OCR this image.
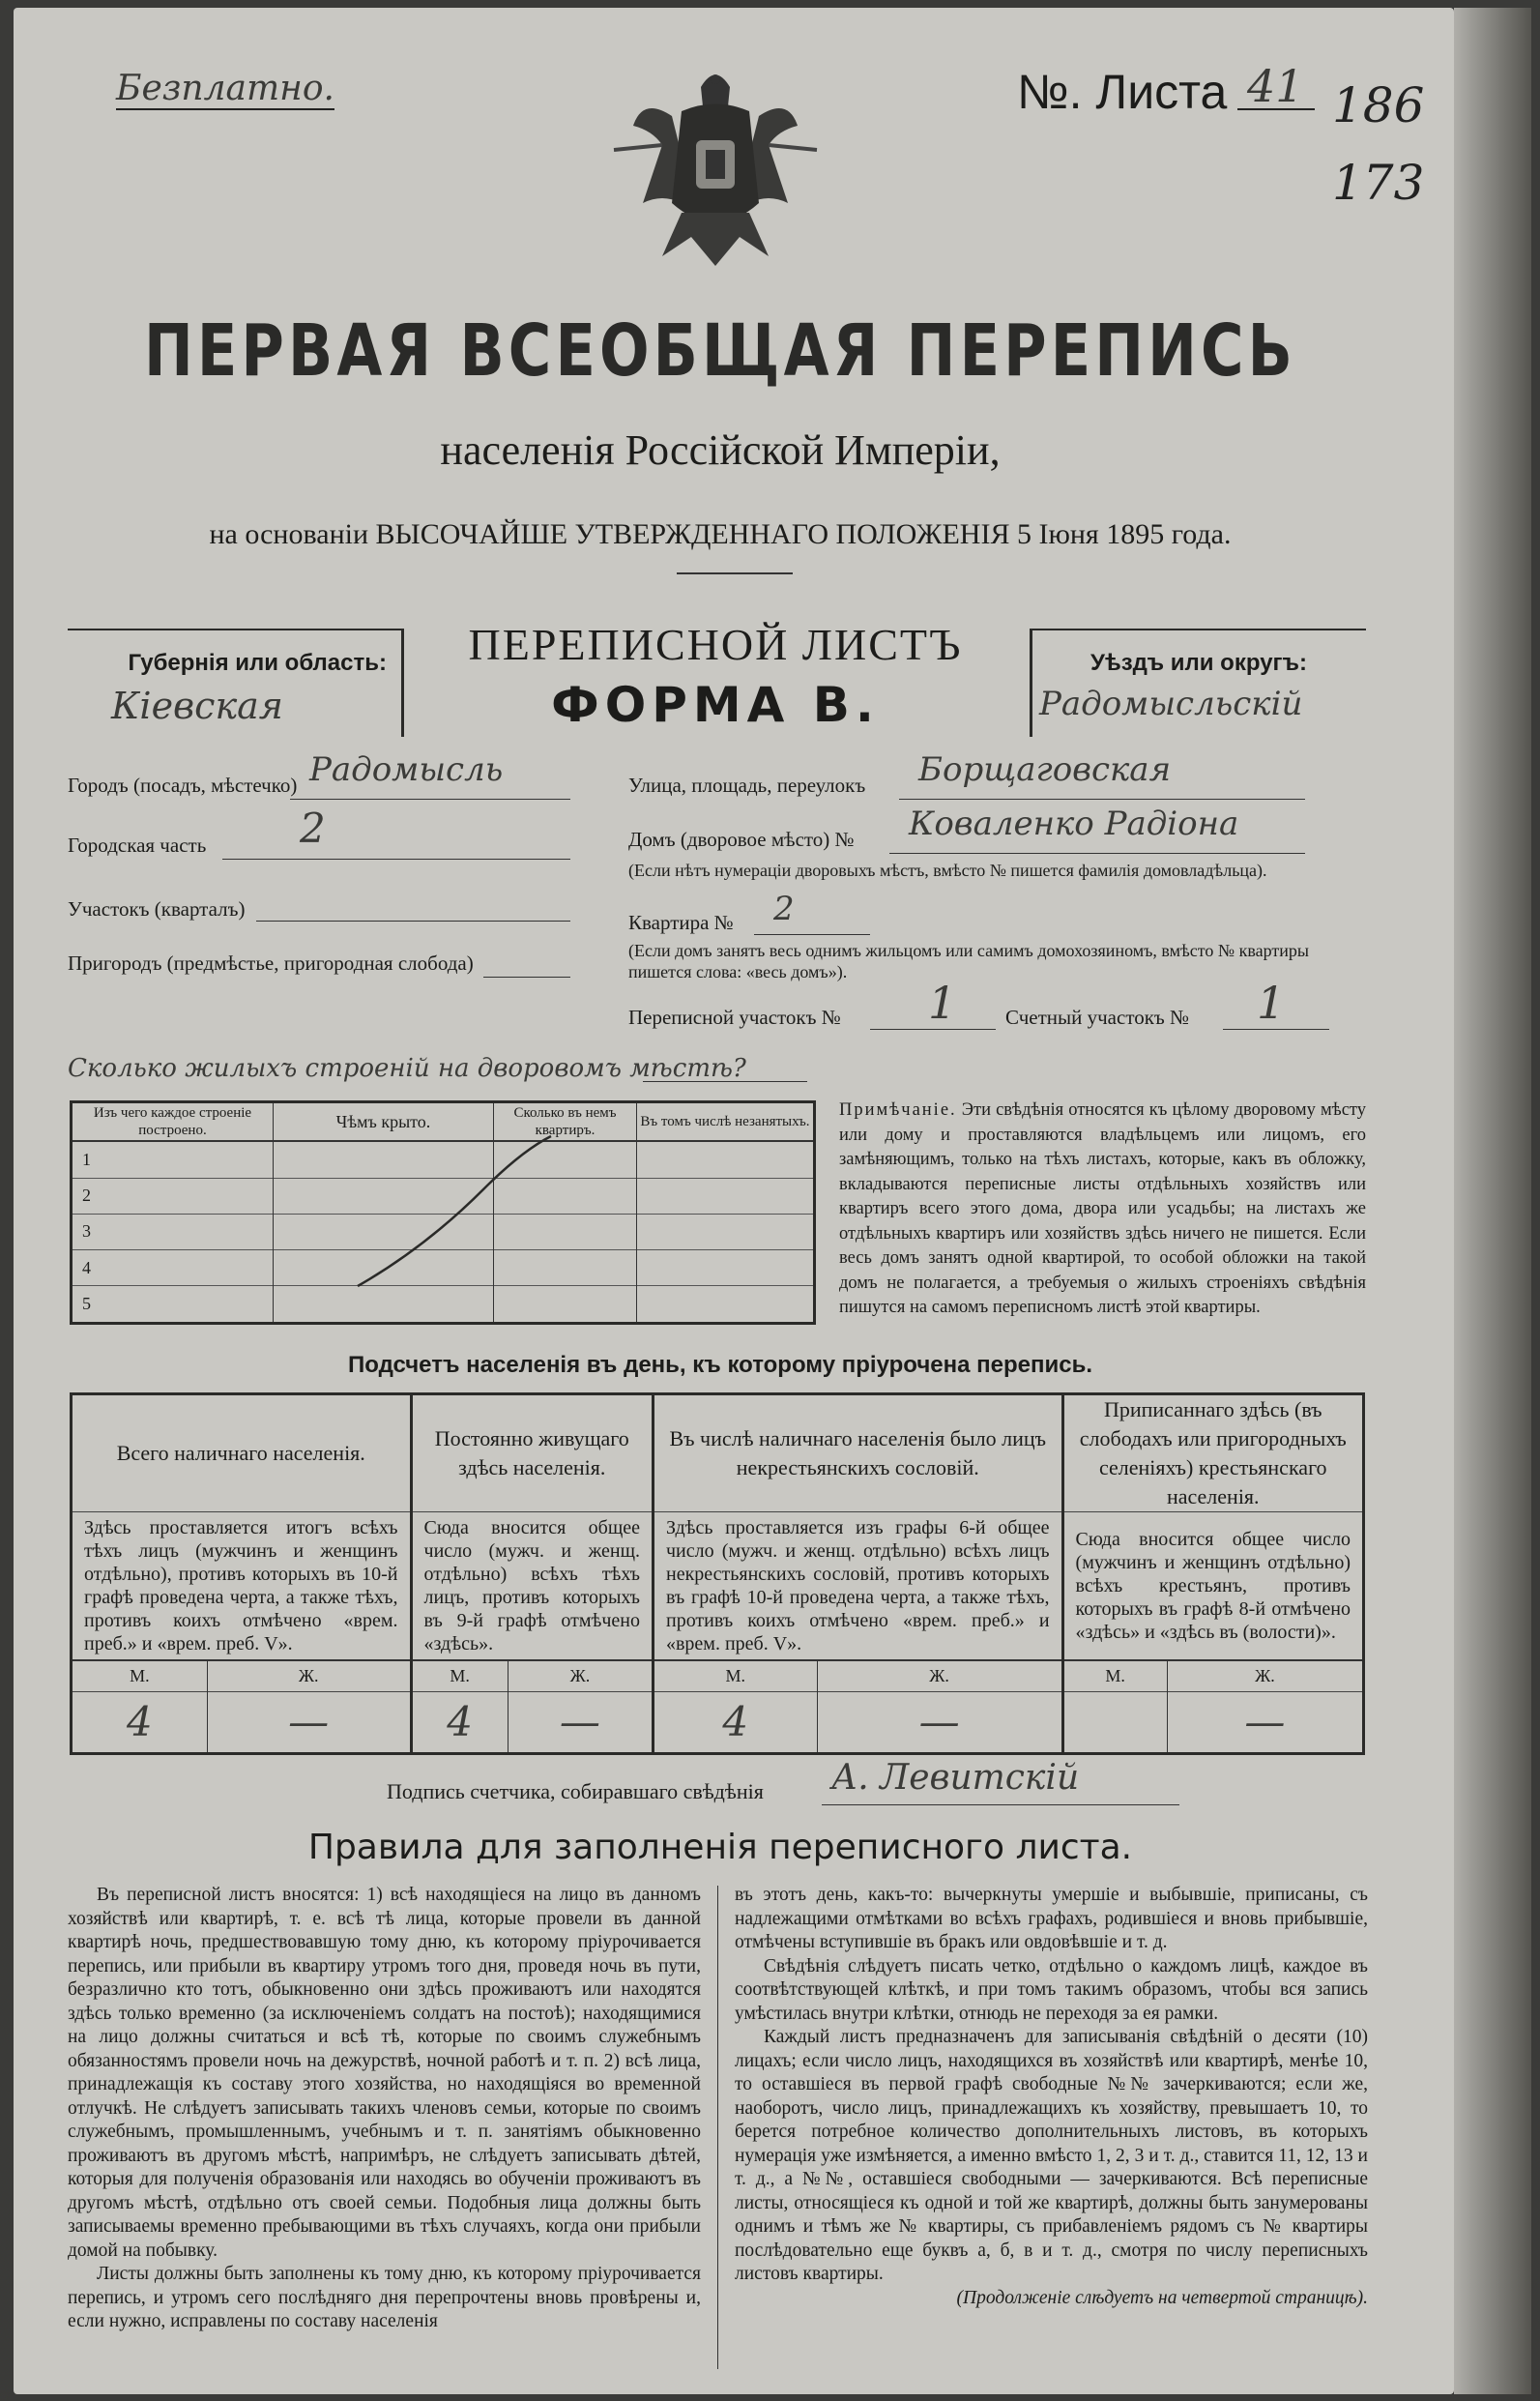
Безплатно.	№. Листа 41 186
173
ПЕРВАЯ ВСЕОБЩАЯ ПЕРЕПИСЬ
населенія Россійской Имперіи,
на основаніи ВЫСОЧАЙШЕ УТВЕРЖДЕННАГО ПОЛОЖЕНІЯ 5 Іюня 1895 года.
Губернія или область:
Кіевская
ПЕРЕПИСНОЙ ЛИСТЪ
ФОРМА В.
Уѣздъ или округъ:
Радомысльскій
Городъ (посадъ, мѣстечко) Радомысль
Городская часть 2
Участокъ (кварталъ)
Пригородъ (предмѣстье, пригородная слобода)
Улица, площадь, переулокъ Борщаговская
Домъ (дворовое мѣсто) № Коваленко Радіона
(Если нѣтъ нумераціи дворовыхъ мѣстъ, вмѣсто № пишется фамилія домовладѣльца).
Квартира № 2
(Если домъ занятъ весь однимъ жильцомъ или самимъ домохозяиномъ, вмѣсто № квартиры пишется слова: «весь домъ»).
Переписной участокъ № 1 Счетный участокъ № 1
Сколько жилыхъ строеній на дворовомъ мѣстѣ?
Изъ чего каждое строеніе построено.	Чѣмъ крыто.	Сколько въ немъ квартиръ.	Въ томъ числѣ незанятыхъ.
1			
2			
3			
4			
5			
Примѣчаніе. Эти свѣдѣнія относятся къ цѣлому дворовому мѣсту или дому и проставляются владѣльцемъ или лицомъ, его замѣняющимъ, только на тѣхъ листахъ, которые, какъ въ обложку, вкладываются переписные листы отдѣльныхъ хозяйствъ или квартиръ всего этого дома, двора или усадьбы; на листахъ же отдѣльныхъ квартиръ или хозяйствъ здѣсь ничего не пишется. Если весь домъ занятъ одной квартирой, то особой обложки на такой домъ не полагается, а требуемыя о жилыхъ строеніяхъ свѣдѣнія пишутся на самомъ переписномъ листѣ этой квартиры.
Подсчетъ населенія въ день, къ которому пріурочена перепись.
Всего наличнаго населенія.		Постоянно живущаго здѣсь населенія.		Въ числѣ наличнаго населенія было лицъ некрестьянскихъ сословій.		Приписаннаго здѣсь (въ слободахъ или пригородныхъ селеніяхъ) крестьянскаго населенія.	
Здѣсь проставляется итогъ всѣхъ тѣхъ лицъ (мужчинъ и женщинъ отдѣльно), противъ которыхъ въ 10-й графѣ проведена черта, а также тѣхъ, противъ коихъ отмѣчено «врем. преб.» и «врем. преб. V».		Сюда вносится общее число (мужч. и женщ. отдѣльно) всѣхъ тѣхъ лицъ, противъ которыхъ въ 9-й графѣ отмѣчено «здѣсь».		Здѣсь проставляется изъ графы 6-й общее число (мужч. и женщ. отдѣльно) всѣхъ лицъ некрестьянскихъ сословій, противъ которыхъ въ графѣ 10-й проведена черта, а также тѣхъ, противъ коихъ отмѣчено «врем. преб.» и «врем. преб. V».		Сюда вносится общее число (мужчинъ и женщинъ отдѣльно) всѣхъ крестьянъ, противъ которыхъ въ графѣ 8-й отмѣчено «здѣсь» и «здѣсь въ (волости)».	
М.	Ж.	М.	Ж.	М.	Ж.	М.	Ж.
4	—	4	—	4	—		—
Подпись счетчика, собиравшаго свѣдѣнія А. Левитскій
Правила для заполненія переписного листа.

Въ переписной листъ вносятся: 1) всѣ находящіеся на лицо въ данномъ хозяйствѣ или квартирѣ, т. е. всѣ тѣ лица, которые провели въ данной квартирѣ ночь, предшествовавшую тому дню, къ которому пріурочивается перепись, или прибыли въ квартиру утромъ того дня, проведя ночь въ пути, безразлично кто тотъ, обыкновенно они здѣсь проживаютъ или находятся здѣсь только временно (за исключеніемъ солдатъ на постоѣ); находящимися на лицо должны считаться и всѣ тѣ, которые по своимъ служебнымъ обязанностямъ провели ночь на дежурствѣ, ночной работѣ и т. п. 2) всѣ лица, принадлежащія къ составу этого хозяйства, но находящіяся во временной отлучкѣ. Не слѣдуетъ записывать такихъ членовъ семьи, которые по своимъ служебнымъ, промышленнымъ, учебнымъ и т. п. занятіямъ обыкновенно проживаютъ въ другомъ мѣстѣ, напримѣръ, не слѣдуетъ записывать дѣтей, которыя для полученія образованія или находясь во обученіи проживаютъ въ другомъ мѣстѣ, отдѣльно отъ своей семьи. Подобныя лица должны быть записываемы временно пребывающими въ тѣхъ случаяхъ, когда они прибыли домой на побывку.

Листы должны быть заполнены къ тому дню, къ которому пріурочивается перепись, и утромъ сего послѣдняго дня перепрочтены вновь провѣрены и, если нужно, исправлены по составу населенія

въ этотъ день, какъ-то: вычеркнуты умершіе и выбывшіе, приписаны, съ надлежащими отмѣтками во всѣхъ графахъ, родившіеся и вновь прибывшіе, отмѣчены вступившіе въ бракъ или овдовѣвшіе и т. д.

Свѣдѣнія слѣдуетъ писать четко, отдѣльно о каждомъ лицѣ, каждое въ соотвѣтствующей клѣткѣ, и при томъ такимъ образомъ, чтобы вся запись умѣстилась внутри клѣтки, отнюдь не переходя за ея рамки.

Каждый листъ предназначенъ для записыванія свѣдѣній о десяти (10) лицахъ; если число лицъ, находящихся въ хозяйствѣ или квартирѣ, менѣе 10, то оставшіеся въ первой графѣ свободные №№ зачеркиваются; если же, наоборотъ, число лицъ, принадлежащихъ къ хозяйству, превышаетъ 10, то берется потребное количество дополнительныхъ листовъ, въ которыхъ нумерація уже измѣняется, а именно вмѣсто 1, 2, 3 и т. д., ставится 11, 12, 13 и т. д., а №№, оставшіеся свободными — зачеркиваются. Всѣ переписные листы, относящіеся къ одной и той же квартирѣ, должны быть занумерованы однимъ и тѣмъ же № квартиры, съ прибавленіемъ рядомъ съ № квартиры послѣдовательно еще буквъ а, б, в и т. д., смотря по числу переписныхъ листовъ квартиры.

(Продолженіе слѣдуетъ на четвертой страницѣ).
